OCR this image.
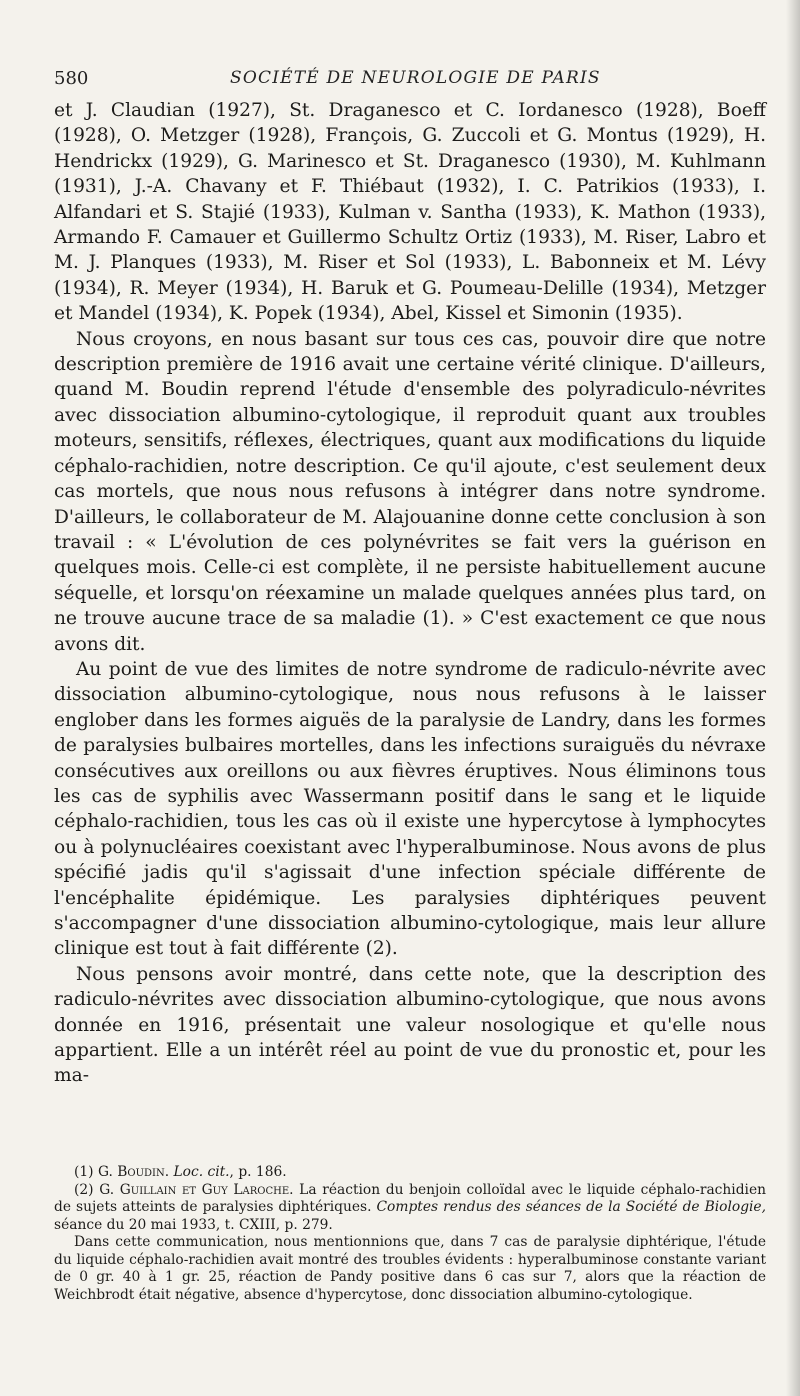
580	SOCIÉTÉ DE NEUROLOGIE DE PARIS

et J. Claudian (1927), St. Draganesco et C. Iordanesco (1928), Boeff (1928), O. Metzger (1928), François, G. Zuccoli et G. Montus (1929), H. Hendrickx (1929), G. Marinesco et St. Draganesco (1930), M. Kuhlmann (1931), J.-A. Chavany et F. Thiébaut (1932), I. C. Patrikios (1933), I. Alfandari et S. Stajié (1933), Kulman v. Santha (1933), K. Mathon (1933), Armando F. Camauer et Guillermo Schultz Ortiz (1933), M. Riser, Labro et M. J. Planques (1933), M. Riser et Sol (1933), L. Babonneix et M. Lévy (1934), R. Meyer (1934), H. Baruk et G. Poumeau-Delille (1934), Metzger et Mandel (1934), K. Popek (1934), Abel, Kissel et Simonin (1935).

Nous croyons, en nous basant sur tous ces cas, pouvoir dire que notre description première de 1916 avait une certaine vérité clinique. D'ailleurs, quand M. Boudin reprend l'étude d'ensemble des polyradiculo-névrites avec dissociation albumino-cytologique, il reproduit quant aux troubles moteurs, sensitifs, réflexes, électriques, quant aux modifications du liquide céphalo-rachidien, notre description. Ce qu'il ajoute, c'est seulement deux cas mortels, que nous nous refusons à intégrer dans notre syndrome. D'ailleurs, le collaborateur de M. Alajouanine donne cette conclusion à son travail : « L'évolution de ces polynévrites se fait vers la guérison en quelques mois. Celle-ci est complète, il ne persiste habituellement aucune séquelle, et lorsqu'on réexamine un malade quelques années plus tard, on ne trouve aucune trace de sa maladie (1). » C'est exactement ce que nous avons dit.

Au point de vue des limites de notre syndrome de radiculo-névrite avec dissociation albumino-cytologique, nous nous refusons à le laisser englober dans les formes aiguës de la paralysie de Landry, dans les formes de paralysies bulbaires mortelles, dans les infections suraiguës du névraxe consécutives aux oreillons ou aux fièvres éruptives. Nous éliminons tous les cas de syphilis avec Wassermann positif dans le sang et le liquide céphalo-rachidien, tous les cas où il existe une hypercytose à lymphocytes ou à polynucléaires coexistant avec l'hyperalbuminose. Nous avons de plus spécifié jadis qu'il s'agissait d'une infection spéciale différente de l'encéphalite épidémique. Les paralysies diphtériques peuvent s'accompagner d'une dissociation albumino-cytologique, mais leur allure clinique est tout à fait différente (2).

Nous pensons avoir montré, dans cette note, que la description des radiculo-névrites avec dissociation albumino-cytologique, que nous avons donnée en 1916, présentait une valeur nosologique et qu'elle nous appartient. Elle a un intérêt réel au point de vue du pronostic et, pour les ma-

(1) G. Boudin. Loc. cit., p. 186.

(2) G. Guillain et Guy Laroche. La réaction du benjoin colloïdal avec le liquide céphalo-rachidien de sujets atteints de paralysies diphtériques. Comptes rendus des séances de la Société de Biologie, séance du 20 mai 1933, t. CXIII, p. 279.

Dans cette communication, nous mentionnions que, dans 7 cas de paralysie diphtérique, l'étude du liquide céphalo-rachidien avait montré des troubles évidents : hyperalbuminose constante variant de 0 gr. 40 à 1 gr. 25, réaction de Pandy positive dans 6 cas sur 7, alors que la réaction de Weichbrodt était négative, absence d'hypercytose, donc dissociation albumino-cytologique.
